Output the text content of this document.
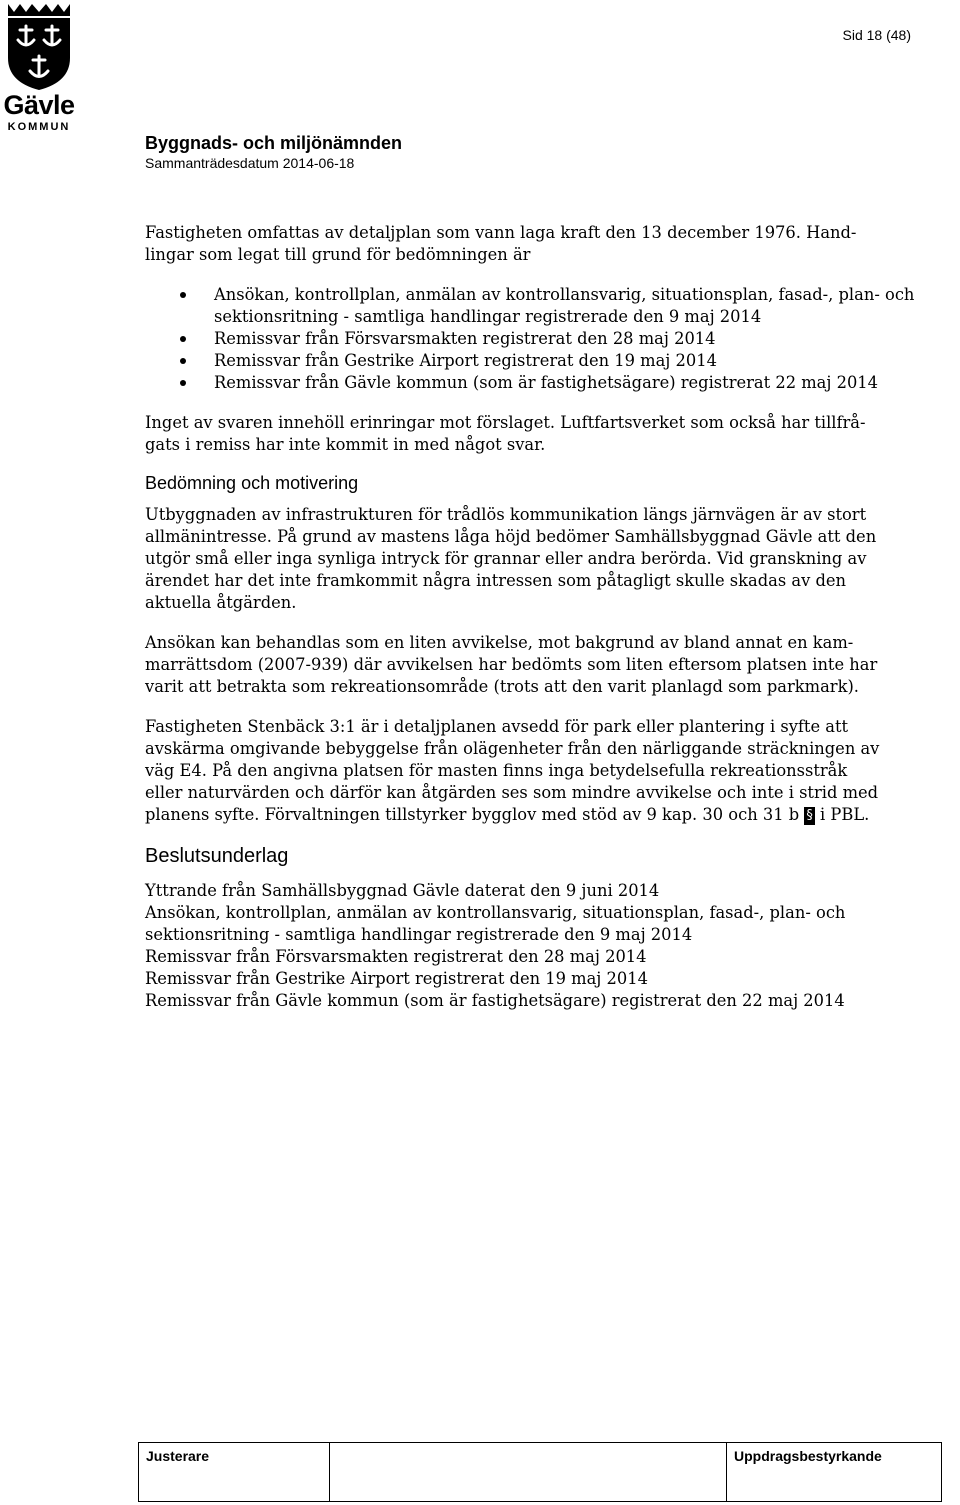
Gävle
KOMMUN
Sid 18 (48)
Byggnads- och miljönämnden
Sammanträdesdatum 2014-06-18

Fastigheten omfattas av detaljplan som vann laga kraft den 13 december 1976. Hand-
lingar som legat till grund för bedömningen är

Ansökan, kontrollplan, anmälan av kontrollansvarig, situationsplan, fasad-, plan- och sektionsritning - samtliga handlingar registrerade den 9 maj 2014
Remissvar från Försvarsmakten registrerat den 28 maj 2014
Remissvar från Gestrike Airport registrerat den 19 maj 2014
Remissvar från Gävle kommun (som är fastighetsägare) registrerat 22 maj 2014

Inget av svaren innehöll erinringar mot förslaget. Luftfartsverket som också har tillfrå-
gats i remiss har inte kommit in med något svar.

Bedömning och motivering

Utbyggnaden av infrastrukturen för trådlös kommunikation längs järnvägen är av stort
allmänintresse. På grund av mastens låga höjd bedömer Samhällsbyggnad Gävle att den
utgör små eller inga synliga intryck för grannar eller andra berörda. Vid granskning av
ärendet har det inte framkommit några intressen som påtagligt skulle skadas av den
aktuella åtgärden.

Ansökan kan behandlas som en liten avvikelse, mot bakgrund av bland annat en kam-
marrättsdom (2007-939) där avvikelsen har bedömts som liten eftersom platsen inte har
varit att betrakta som rekreationsområde (trots att den varit planlagd som parkmark).

Fastigheten Stenbäck 3:1 är i detaljplanen avsedd för park eller plantering i syfte att
avskärma omgivande bebyggelse från olägenheter från den närliggande sträckningen av
väg E4. På den angivna platsen för masten finns inga betydelsefulla rekreationsstråk
eller naturvärden och därför kan åtgärden ses som mindre avvikelse och inte i strid med
planens syfte. Förvaltningen tillstyrker bygglov med stöd av 9 kap. 30 och 31 b § i PBL.

Beslutsunderlag

Yttrande från Samhällsbyggnad Gävle daterat den 9 juni 2014
Ansökan, kontrollplan, anmälan av kontrollansvarig, situationsplan, fasad-, plan- och
sektionsritning - samtliga handlingar registrerade den 9 maj 2014
Remissvar från Försvarsmakten registrerat den 28 maj 2014
Remissvar från Gestrike Airport registrerat den 19 maj 2014
Remissvar från Gävle kommun (som är fastighetsägare) registrerat den 22 maj 2014

Justerare	Uppdragsbestyrkande
